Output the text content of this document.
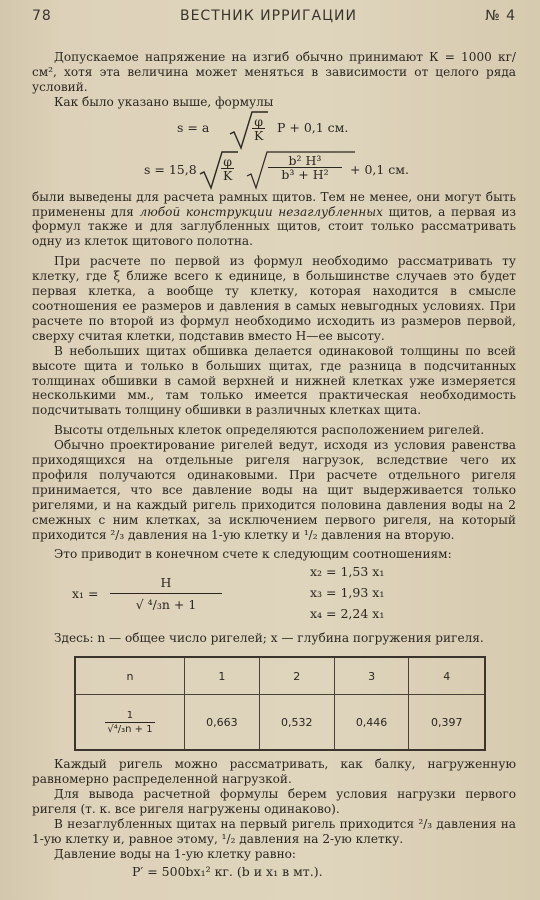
78	ВЕСТНИК ИРРИГАЦИИ	№ 4

Допускаемое напряжение на изгиб обычно принимают К = 1000 кг/см², хотя эта величина может меняться в зависимости от целого ряда условий.

Как было указано выше, формулы

s = a	$\frac{\varphi}{K}$ P + 0,1 см.
$s = 15,8 \frac{\varphi}{K}$	$\frac{\text{b² H³}}{\text{b³ + H²}} + 0,1$ см.

были выведены для расчета рамных щитов. Тем не менее, они могут быть применены для любой конструкции незаглубленных щитов, а первая из формул также и для заглубленных щитов, стоит только рассматривать одну из клеток щитового полотна.

При расчете по первой из формул необходимо рассматривать ту клетку, где ξ ближе всего к единице, в большинстве случаев это будет первая клетка, а вообще ту клетку, которая находится в смысле соотношения ее размеров и давления в самых невыгодных условиях. При расчете по второй из формул необходимо исходить из размеров первой, сверху считая клетки, подставив вместо Н—ее высоту.

В небольших щитах обшивка делается одинаковой толщины по всей высоте щита и только в больших щитах, где разница в подсчитанных толщинах обшивки в самой верхней и нижней клетках уже измеряется несколькими мм., там только имеется практическая необходимость подсчитывать толщину обшивки в различных клетках щита.

Высоты отдельных клеток определяются расположением ригелей.

Обычно проектирование ригелей ведут, исходя из условия равенства приходящихся на отдельные ригеля нагрузок, вследствие чего их профиля получаются одинаковыми. При расчете отдельного ригеля принимается, что все давление воды на щит выдерживается только ригелями, и на каждый ригель приходится половина давления воды на 2 смежных с ним клетках, за исключением первого ригеля, на который приходится ²/₃ давления на 1-ую клетку и ¹/₂ давления на вторую.

Это приводит в конечном счете к следующим соотношениям:

$x_1 = \frac{H}{\text{√ ⁴/₃n + 1}}$
x₂ = 1,53 x₁
x₃ = 1,93 x₁
x₄ = 2,24 x₁

Здесь: n — общее число ригелей; x — глубина погружения ригеля.

n	1	2	3	4

$\frac{1}{\text{√⁴/₃n + 1}}$	0,663	0,532	0,446	0,397

Каждый ригель можно рассматривать, как балку, нагруженную равномерно распределенной нагрузкой.

Для вывода расчетной формулы берем условия нагрузки первого ригеля (т. к. все ригеля нагружены одинаково).

В незаглубленных щитах на первый ригель приходится ²/₃ давления на 1-ую клетку и, равное этому, ¹/₂ давления на 2-ую клетку.

Давление воды на 1-ую клетку равно:

P′ = 500bx₁² кг. (b и x₁ в мт.).
